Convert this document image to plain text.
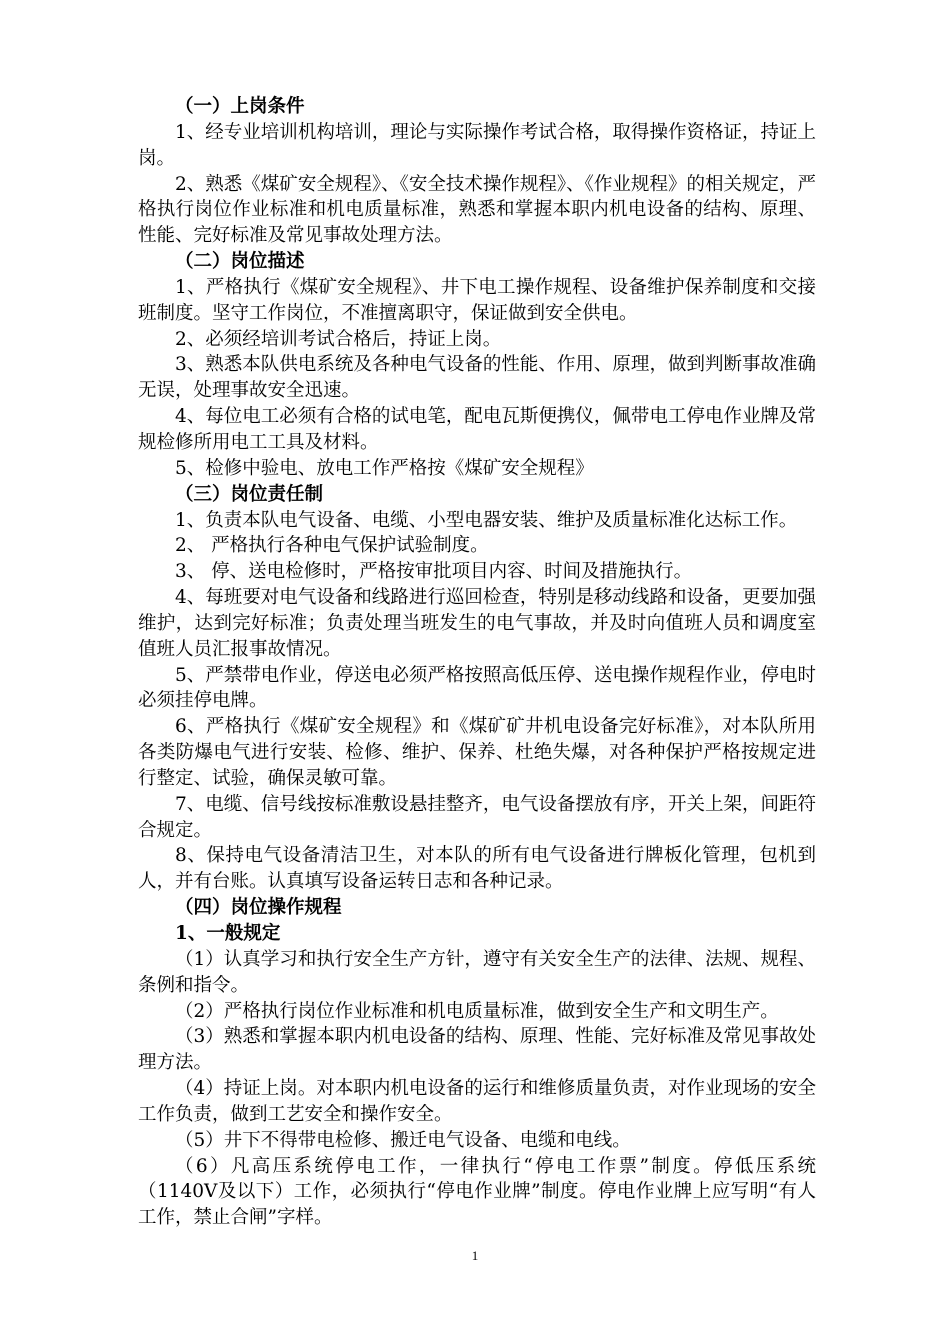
（一）上岗条件

1、经专业培训机构培训，理论与实际操作考试合格，取得操作资格证，持证上岗。

2、熟悉《煤矿安全规程》、《安全技术操作规程》、《作业规程》的相关规定，严格执行岗位作业标准和机电质量标准，熟悉和掌握本职内机电设备的结构、原理、性能、完好标准及常见事故处理方法。

（二）岗位描述

1、严格执行《煤矿安全规程》、井下电工操作规程、设备维护保养制度和交接班制度。坚守工作岗位，不准擅离职守，保证做到安全供电。

2、必须经培训考试合格后，持证上岗。

3、熟悉本队供电系统及各种电气设备的性能、作用、原理，做到判断事故准确无误，处理事故安全迅速。

4、每位电工必须有合格的试电笔，配电瓦斯便携仪，佩带电工停电作业牌及常规检修所用电工工具及材料。

5、检修中验电、放电工作严格按《煤矿安全规程》

（三）岗位责任制

1、负责本队电气设备、电缆、小型电器安装、维护及质量标准化达标工作。

2、 严格执行各种电气保护试验制度。

3、 停、送电检修时，严格按审批项目内容、时间及措施执行。

4、每班要对电气设备和线路进行巡回检查，特别是移动线路和设备，更要加强维护，达到完好标准；负责处理当班发生的电气事故，并及时向值班人员和调度室值班人员汇报事故情况。

5、严禁带电作业，停送电必须严格按照高低压停、送电操作规程作业，停电时必须挂停电牌。

6、严格执行《煤矿安全规程》和《煤矿矿井机电设备完好标准》，对本队所用各类防爆电气进行安装、检修、维护、保养、杜绝失爆，对各种保护严格按规定进行整定、试验，确保灵敏可靠。

7、电缆、信号线按标准敷设悬挂整齐，电气设备摆放有序，开关上架，间距符合规定。

8、保持电气设备清洁卫生，对本队的所有电气设备进行牌板化管理，包机到人，并有台账。认真填写设备运转日志和各种记录。

（四）岗位操作规程

1、一般规定

（1）认真学习和执行安全生产方针，遵守有关安全生产的法律、法规、规程、条例和指令。

（2）严格执行岗位作业标准和机电质量标准，做到安全生产和文明生产。

（3）熟悉和掌握本职内机电设备的结构、原理、性能、完好标准及常见事故处理方法。

（4）持证上岗。对本职内机电设备的运行和维修质量负责，对作业现场的安全工作负责，做到工艺安全和操作安全。

（5）井下不得带电检修、搬迁电气设备、电缆和电线。

（6）凡高压系统停电工作，一律执行“停电工作票”制度。停低压系统（1140V及以下）工作，必须执行“停电作业牌”制度。停电作业牌上应写明“有人工作，禁止合闸”字样。

1
